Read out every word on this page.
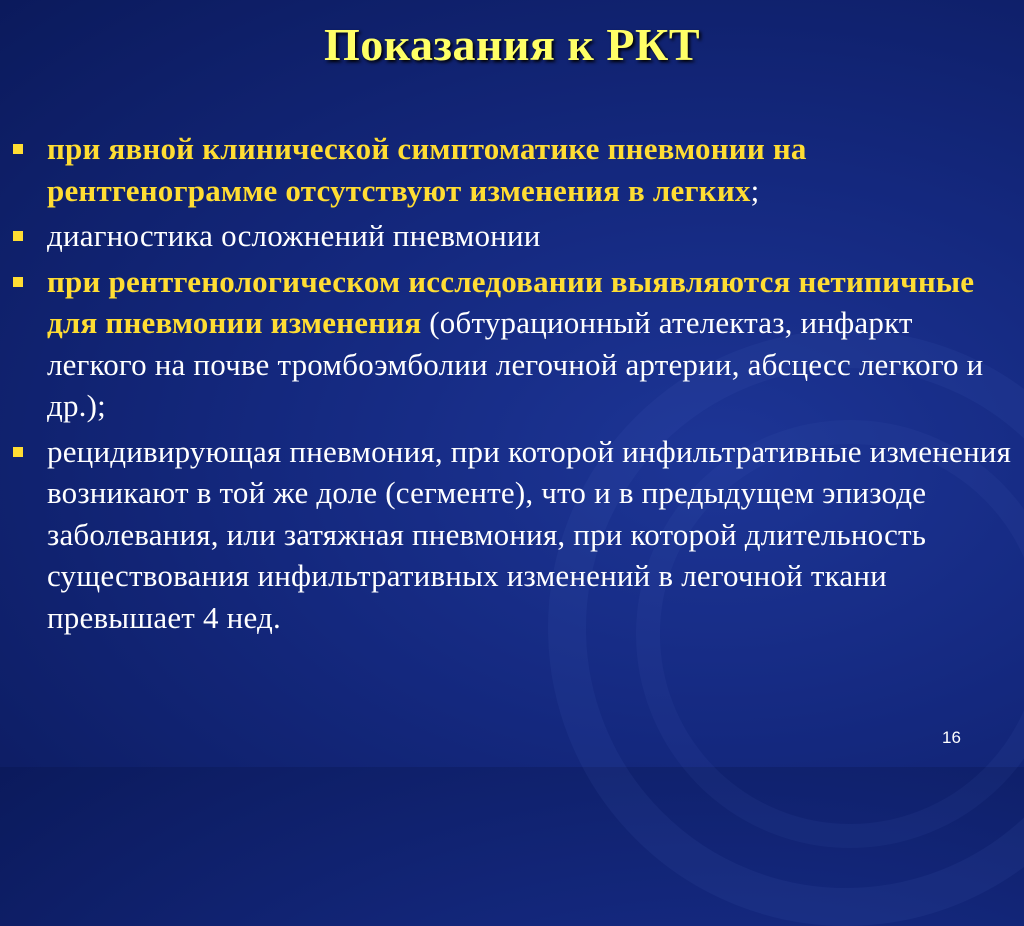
Показания к РКТ
при явной клинической симптоматике пневмонии на рентгенограмме отсутствуют изменения в легких;
диагностика осложнений пневмонии
при рентгенологическом исследовании выявляются нетипичные для пневмонии изменения (обтурационный ателектаз, инфаркт легкого на почве тромбоэмболии легочной артерии, абсцесс легкого и др.);
рецидивирующая пневмония, при которой инфильтративные изменения возникают в той же доле (сегменте), что и в предыдущем эпизоде заболевания, или затяжная пневмония, при которой длительность существования инфильтративных изменений в легочной ткани превышает 4 нед.
16
